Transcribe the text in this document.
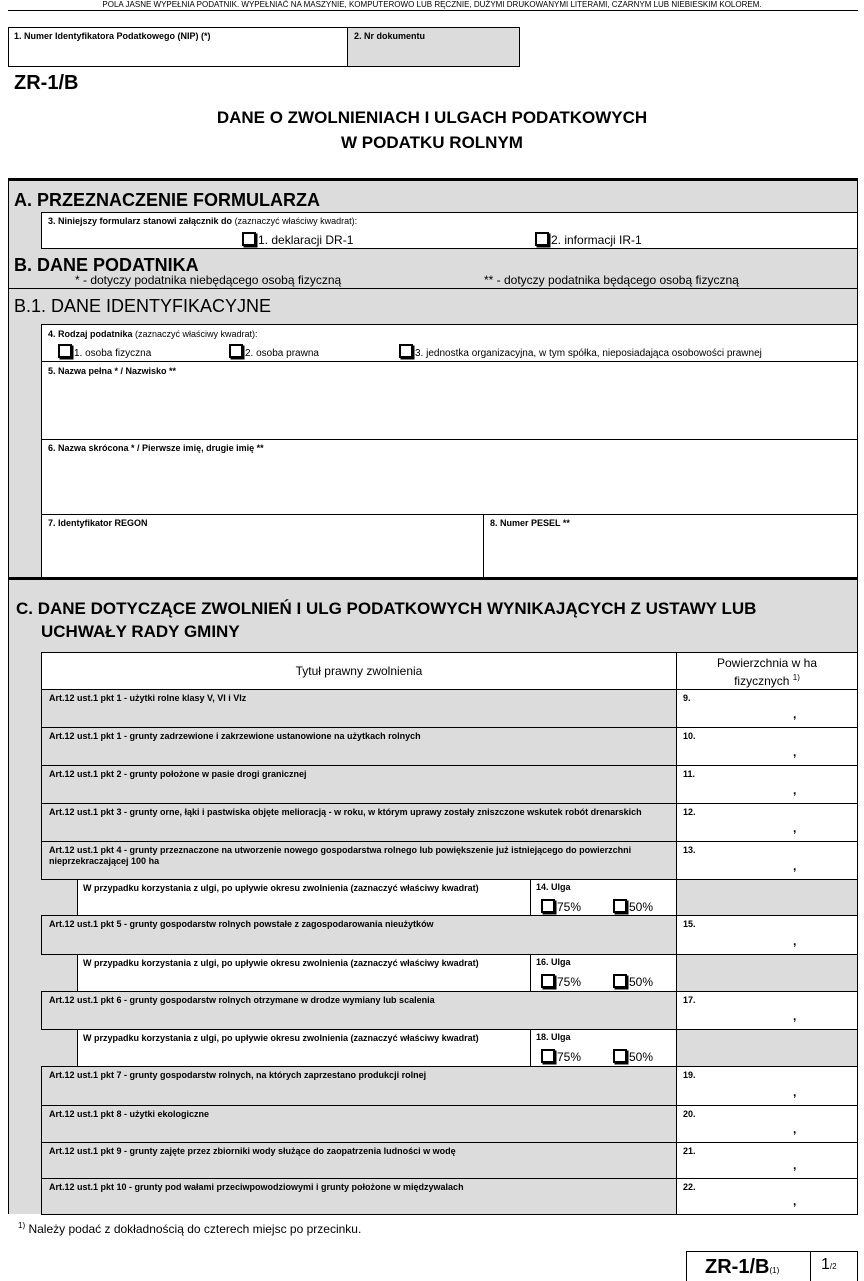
POLA JASNE WYPEŁNIA PODATNIK. WYPEŁNIAĆ NA MASZYNIE, KOMPUTEROWO LUB RĘCZNIE, DUŻYMI DRUKOWANYMI LITERAMI, CZARNYM LUB NIEBIESKIM KOLOREM.
1. Numer Identyfikatora Podatkowego (NIP) (*)	2. Nr dokumentu
ZR-1/B
DANE O ZWOLNIENIACH I ULGACH PODATKOWYCH
W PODATKU ROLNYM
A. PRZEZNACZENIE FORMULARZA
3. Niniejszy formularz stanowi załącznik do (zaznaczyć właściwy kwadrat):
1. deklaracji DR-1	2. informacji IR-1
B. DANE PODATNIKA
* - dotyczy podatnika niebędącego osobą fizyczną	** - dotyczy podatnika będącego osobą fizyczną
B.1. DANE IDENTYFIKACYJNE
4. Rodzaj podatnika (zaznaczyć właściwy kwadrat):
1. osoba fizyczna	2. osoba prawna	3. jednostka organizacyjna, w tym spółka, nieposiadająca osobowości prawnej
5. Nazwa pełna * / Nazwisko **
6. Nazwa skrócona * / Pierwsze imię, drugie imię **
7. Identyfikator REGON	8. Numer PESEL **
C. DANE DOTYCZĄCE ZWOLNIEŃ I ULG PODATKOWYCH WYNIKAJĄCYCH Z USTAWY LUB
UCHWAŁY RADY GMINY
Tytuł prawny zwolnienia
Powierzchnia w ha
fizycznych $^{1)}$
Art.12 ust.1 pkt 1 - użytki rolne klasy V, VI i VIz	9.
,
Art.12 ust.1 pkt 1 - grunty zadrzewione i zakrzewione ustanowione na użytkach rolnych	10.
,
Art.12 ust.1 pkt 2 - grunty położone w pasie drogi granicznej	11.
,
Art.12 ust.1 pkt 3 - grunty orne, łąki i pastwiska objęte melioracją - w roku, w którym uprawy zostały zniszczone wskutek robót drenarskich	12.
,
Art.12 ust.1 pkt 4 - grunty przeznaczone na utworzenie nowego gospodarstwa rolnego lub powiększenie już istniejącego do powierzchni nieprzekraczającej 100 ha
13.
,
W przypadku korzystania z ulgi, po upływie okresu zwolnienia (zaznaczyć właściwy kwadrat)	14. Ulga
75%	50%
Art.12 ust.1 pkt 5 - grunty gospodarstw rolnych powstałe z zagospodarowania nieużytków	15.
,
W przypadku korzystania z ulgi, po upływie okresu zwolnienia (zaznaczyć właściwy kwadrat)	16. Ulga
75%	50%
Art.12 ust.1 pkt 6 - grunty gospodarstw rolnych otrzymane w drodze wymiany lub scalenia	17.
,
W przypadku korzystania z ulgi, po upływie okresu zwolnienia (zaznaczyć właściwy kwadrat)	18. Ulga
75%	50%
Art.12 ust.1 pkt 7 - grunty gospodarstw rolnych, na których zaprzestano produkcji rolnej	19.
,
Art.12 ust.1 pkt 8 - użytki ekologiczne	20.
,
Art.12 ust.1 pkt 9 - grunty zajęte przez zbiorniki wody służące do zaopatrzenia ludności w wodę	21.
,
Art.12 ust.1 pkt 10 - grunty pod wałami przeciwpowodziowymi i grunty położone w międzywalach	22.
,
$^{1)}$ Należy podać z dokładnością do czterech miejsc po przecinku.
ZR-1/B(1)	1/2
